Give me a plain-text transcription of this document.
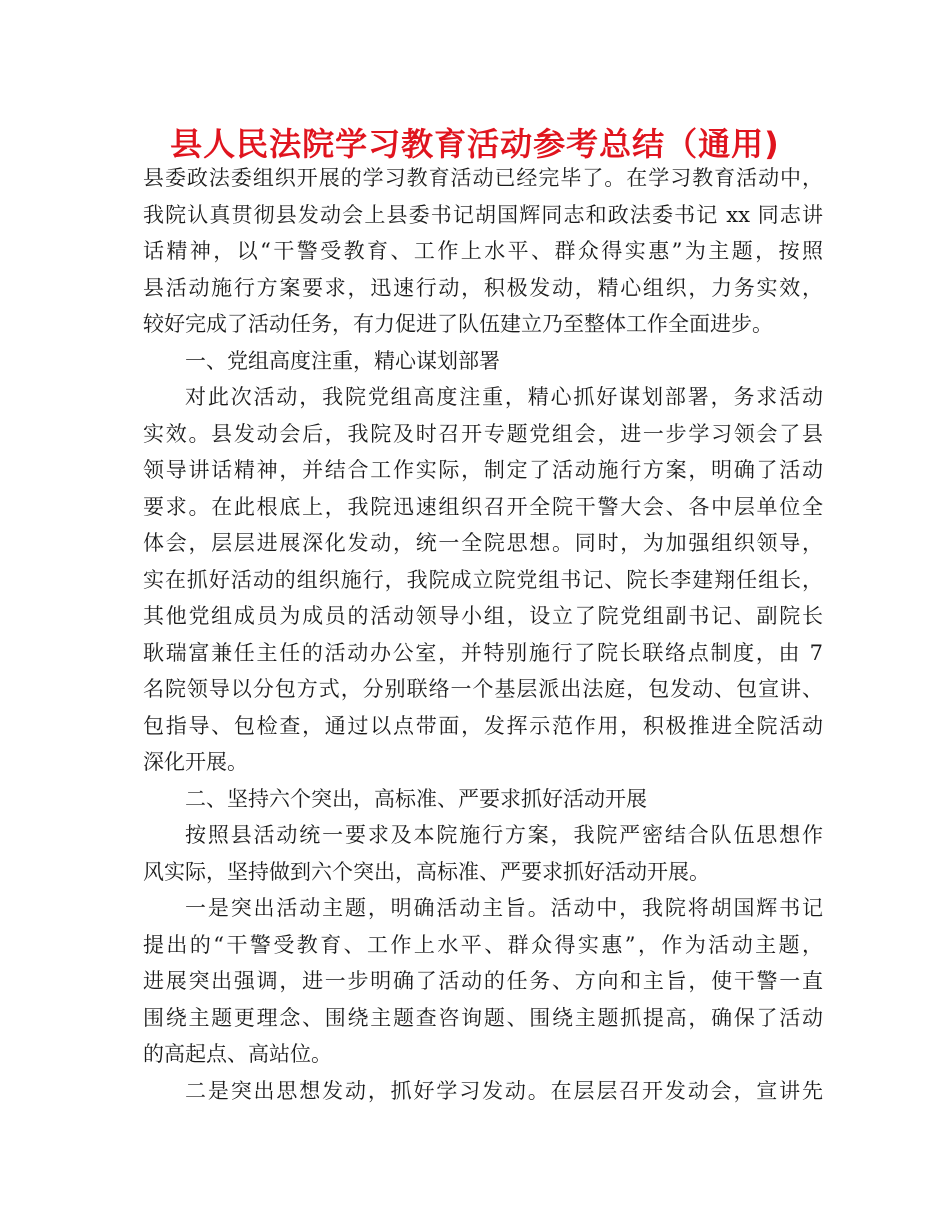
县人民法院学习教育活动参考总结（通用)
县委政法委组织开展的学习教育活动已经完毕了。在学习教育活动中，
我院认真贯彻县发动会上县委书记胡国辉同志和政法委书记 xx 同志讲
话精神，以“干警受教育、工作上水平、群众得实惠”为主题，按照
县活动施行方案要求，迅速行动，积极发动，精心组织，力务实效，
较好完成了活动任务，有力促进了队伍建立乃至整体工作全面进步。
一、党组高度注重，精心谋划部署
对此次活动，我院党组高度注重，精心抓好谋划部署，务求活动
实效。县发动会后，我院及时召开专题党组会，进一步学习领会了县
领导讲话精神，并结合工作实际，制定了活动施行方案，明确了活动
要求。在此根底上，我院迅速组织召开全院干警大会、各中层单位全
体会，层层进展深化发动，统一全院思想。同时，为加强组织领导，
实在抓好活动的组织施行，我院成立院党组书记、院长李建翔任组长，
其他党组成员为成员的活动领导小组，设立了院党组副书记、副院长
耿瑞富兼任主任的活动办公室，并特别施行了院长联络点制度，由 7
名院领导以分包方式，分别联络一个基层派出法庭，包发动、包宣讲、
包指导、包检查，通过以点带面，发挥示范作用，积极推进全院活动
深化开展。
二、坚持六个突出，高标准、严要求抓好活动开展
按照县活动统一要求及本院施行方案，我院严密结合队伍思想作
风实际，坚持做到六个突出，高标准、严要求抓好活动开展。
一是突出活动主题，明确活动主旨。活动中，我院将胡国辉书记
提出的“干警受教育、工作上水平、群众得实惠”，作为活动主题，
进展突出强调，进一步明确了活动的任务、方向和主旨，使干警一直
围绕主题更理念、围绕主题查咨询题、围绕主题抓提高，确保了活动
的高起点、高站位。
二是突出思想发动，抓好学习发动。在层层召开发动会，宣讲先
